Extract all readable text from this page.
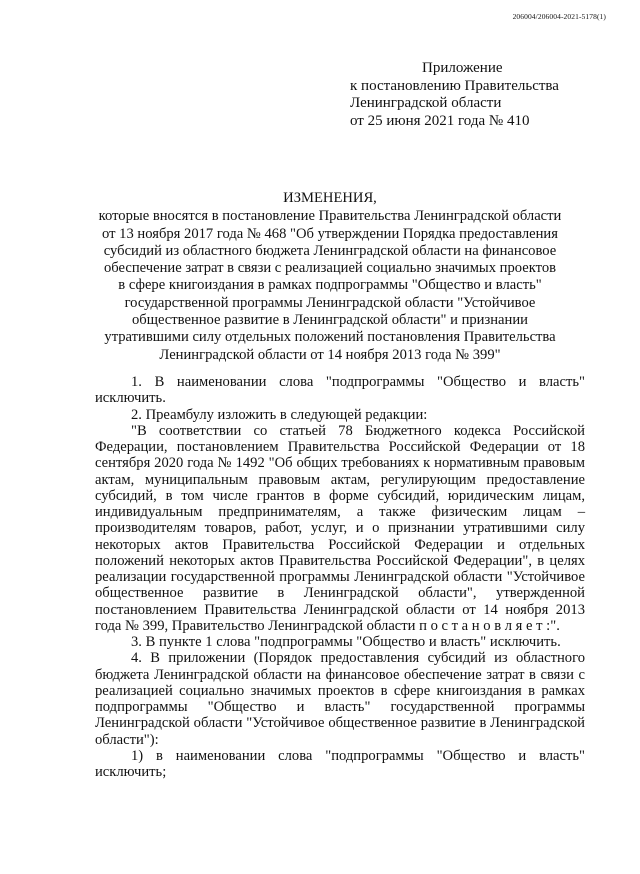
206004/206004-2021-5178(1)
Приложение
к постановлению Правительства
Ленинградской области
от 25 июня 2021 года № 410
ИЗМЕНЕНИЯ,
которые вносятся в постановление Правительства Ленинградской области
от 13 ноября 2017 года № 468 "Об утверждении Порядка предоставления
субсидий из областного бюджета Ленинградской области на финансовое
обеспечение затрат в связи с реализацией социально значимых проектов
в сфере книгоиздания в рамках подпрограммы "Общество и власть"
государственной программы Ленинградской области "Устойчивое
общественное развитие в Ленинградской области" и признании
утратившими силу отдельных положений постановления Правительства
Ленинградской области от 14 ноября 2013 года № 399"

1. В наименовании слова "подпрограммы "Общество и власть" исключить.

2. Преамбулу изложить в следующей редакции:

"В соответствии со статьей 78 Бюджетного кодекса Российской Федерации, постановлением Правительства Российской Федерации от 18 сентября 2020 года № 1492 "Об общих требованиях к нормативным правовым актам, муниципальным правовым актам, регулирующим предоставление субсидий, в том числе грантов в форме субсидий, юридическим лицам, индивидуальным предпринимателям, а также физическим лицам – производителям товаров, работ, услуг, и о признании утратившими силу некоторых актов Правительства Российской Федерации и отдельных положений некоторых актов Правительства Российской Федерации", в целях реализации государственной программы Ленинградской области "Устойчивое общественное развитие в Ленинградской области", утвержденной постановлением Правительства Ленинградской области от 14 ноября 2013 года № 399, Правительство Ленинградской области п о с т а н о в л я е т :".

3. В пункте 1 слова "подпрограммы "Общество и власть" исключить.

4. В приложении (Порядок предоставления субсидий из областного бюджета Ленинградской области на финансовое обеспечение затрат в связи с реализацией социально значимых проектов в сфере книгоиздания в рамках подпрограммы "Общество и власть" государственной программы Ленинградской области "Устойчивое общественное развитие в Ленинградской области"):

1) в наименовании слова "подпрограммы "Общество и власть" исключить;
